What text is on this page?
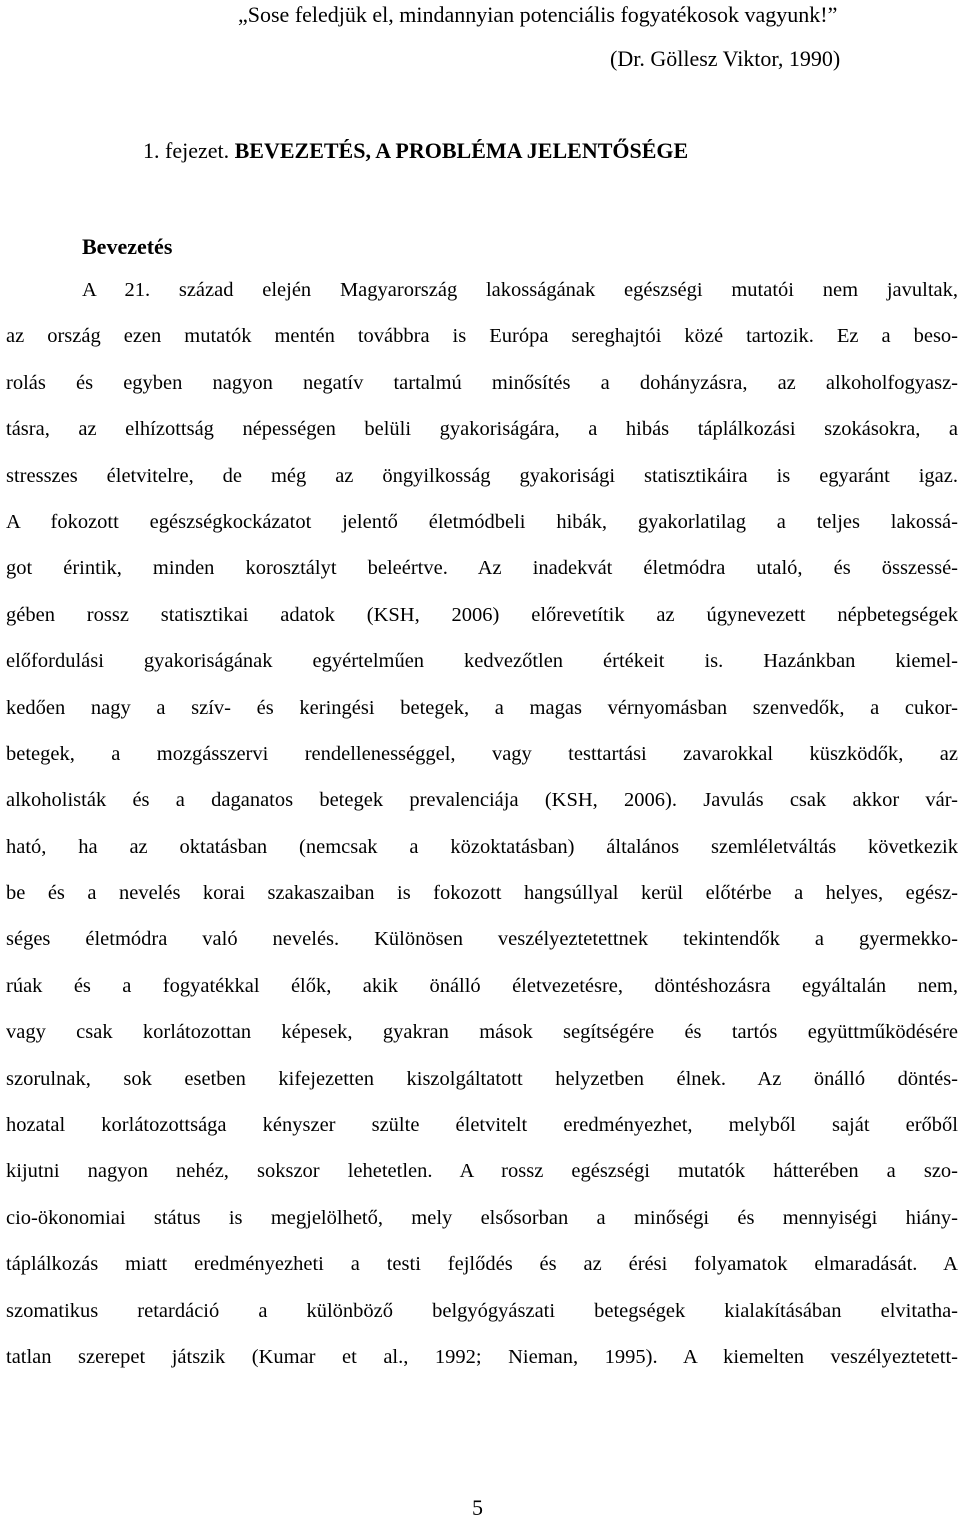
„Sose feledjük el, mindannyian potenciális fogyatékosok vagyunk!”
(Dr. Göllesz Viktor, 1990)
1. fejezet. BEVEZETÉS, A PROBLÉMA JELENTŐSÉGE
Bevezetés
A 21. század elején Magyarország lakosságának egészségi mutatói nem javultak,
az ország ezen mutatók mentén továbbra is Európa sereghajtói közé tartozik. Ez a beso-
rolás és egyben nagyon negatív tartalmú minősítés a dohányzásra, az alkoholfogyasz-
tásra, az elhízottság népességen belüli gyakoriságára, a hibás táplálkozási szokásokra, a
stresszes életvitelre, de még az öngyilkosság gyakorisági statisztikáira is egyaránt igaz.
A fokozott egészségkockázatot jelentő életmódbeli hibák, gyakorlatilag a teljes lakossá-
got érintik, minden korosztályt beleértve. Az inadekvát életmódra utaló, és összessé-
gében rossz statisztikai adatok (KSH, 2006) előrevetítik az úgynevezett népbetegségek
előfordulási gyakoriságának egyértelműen kedvezőtlen értékeit is. Hazánkban kiemel-
kedően nagy a szív- és keringési betegek, a magas vérnyomásban szenvedők, a cukor-
betegek, a mozgásszervi rendellenességgel, vagy testtartási zavarokkal küszködők, az
alkoholisták és a daganatos betegek prevalenciája (KSH, 2006). Javulás csak akkor vár-
ható, ha az oktatásban (nemcsak a közoktatásban) általános szemléletváltás következik
be és a nevelés korai szakaszaiban is fokozott hangsúllyal kerül előtérbe a helyes, egész-
séges életmódra való nevelés. Különösen veszélyeztetettnek tekintendők a gyermekko-
rúak és a fogyatékkal élők, akik önálló életvezetésre, döntéshozásra egyáltalán nem,
vagy csak korlátozottan képesek, gyakran mások segítségére és tartós együttműködésére
szorulnak, sok esetben kifejezetten kiszolgáltatott helyzetben élnek. Az önálló döntés-
hozatal korlátozottsága kényszer szülte életvitelt eredményezhet, melyből saját erőből
kijutni nagyon nehéz, sokszor lehetetlen. A rossz egészségi mutatók hátterében a szo-
cio-ökonomiai státus is megjelölhető, mely elsősorban a minőségi és mennyiségi hiány-
táplálkozás miatt eredményezheti a testi fejlődés és az érési folyamatok elmaradását. A
szomatikus retardáció a különböző belgyógyászati betegségek kialakításában elvitatha-
tatlan szerepet játszik (Kumar et al., 1992; Nieman, 1995). A kiemelten veszélyeztetett-
5
